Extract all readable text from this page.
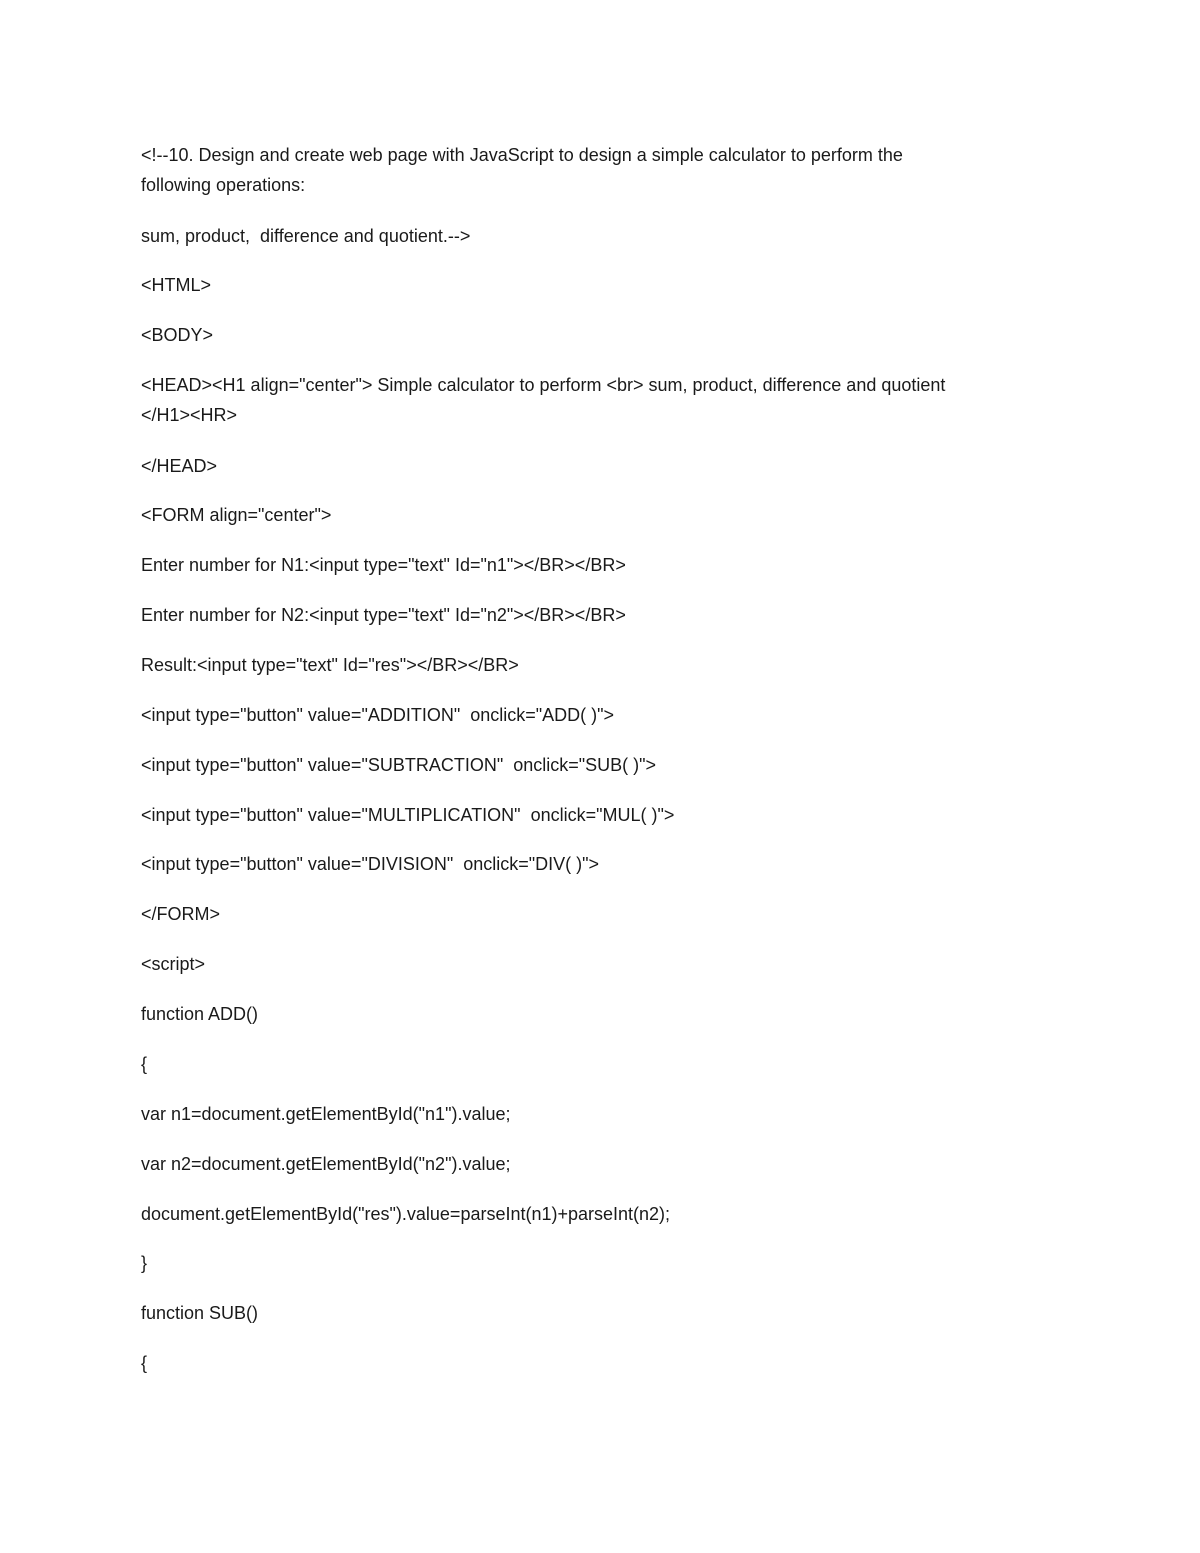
<!--10. Design and create web page with JavaScript to design a simple calculator to perform the

following operations:

sum, product,  difference and quotient.-->

<HTML>

<BODY>

<HEAD><H1 align="center"> Simple calculator to perform <br> sum, product, difference and quotient

</H1><HR>

</HEAD>

<FORM align="center">

Enter number for N1:<input type="text" Id="n1"></BR></BR>

Enter number for N2:<input type="text" Id="n2"></BR></BR>

Result:<input type="text" Id="res"></BR></BR>

<input type="button" value="ADDITION"  onclick="ADD( )">

<input type="button" value="SUBTRACTION"  onclick="SUB( )">

<input type="button" value="MULTIPLICATION"  onclick="MUL( )">

<input type="button" value="DIVISION"  onclick="DIV( )">

</FORM>

<script>

function ADD()

{

var n1=document.getElementById("n1").value;

var n2=document.getElementById("n2").value;

document.getElementById("res").value=parseInt(n1)+parseInt(n2);

}

function SUB()

{
